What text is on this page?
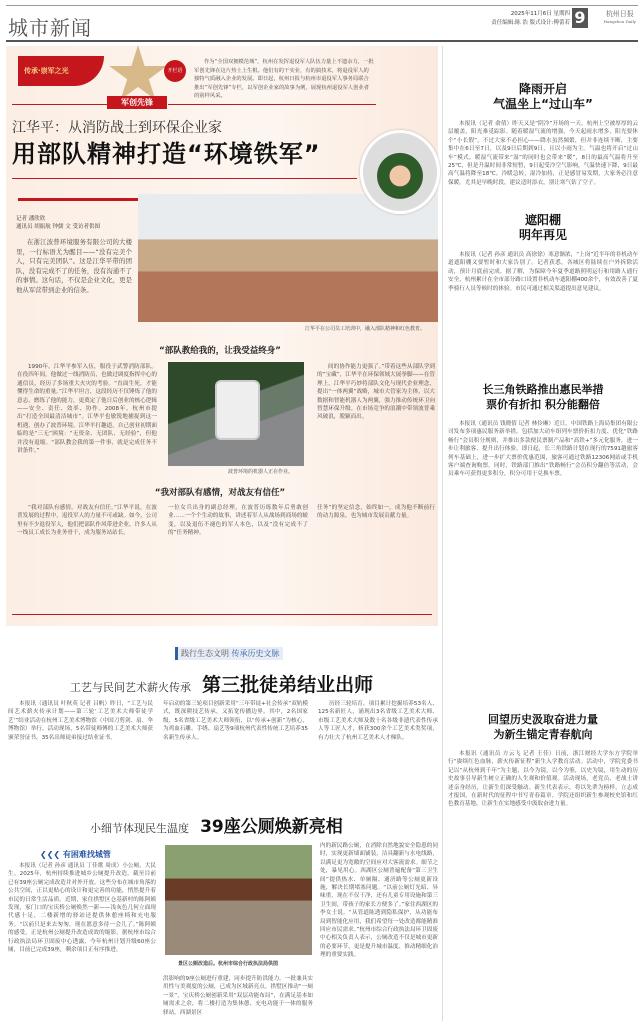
城市新闻
2025年11月6日 星期四
责任编辑:陈 浩 版式设计:傅蕾若 9	杭州日报
Hangzhou Daily
传承·崇军之光
军创先锋
开栏语
作为“全国双拥模范城”，杭州在发挥退役军人队伍力量上不遗余力，一批军创先锋在这片热土上生根。他们有的干实业，有的搞技术，将退役军人的独特气质融入企业的发展。即日起，杭州日报与杭州市退役军人事务局联合推出“军创先锋”专栏，以军创企业家的故事为例，展现杭州退役军人创业者的别样风采。
江华平：从消防战士到环保企业家
用部队精神打造“环境铁军”
记者 潘欣欣
通讯员 胡振航 钟儒 文 受访者供图
在浙江波普环境服务有限公司的大楼里，一行标语尤为醒目——“没有完美个人，只有完美团队”。这是江华平带的团队，没有完成不了的任务，没有沟通不了的事情。这句话，不仅是企业文化，更是他从军营带到企业的信条。
江华平在公司员工培训中，融入部队精神和红色教育。
“部队教给我的，让我受益终身”
1990年，江华平参军入伍，服役于武警消防部队。在役四年间，他做过一线消防员，也做过调度指挥中心的通信员，经历了多场重大火灾的考验。“直面生死，才能懂得生命的重量。”江华平坦言，这段经历不仅锤炼了他的意志，磨练了他的能力，更奠定了他日后创业的核心逻辑——安全、责任、效率、协作。2008年，杭州市提出“打造全国最清洁城市”。江华平也敏锐地捕捉到这一机遇，创办了波普环境。江华平打趣道，自己创业初期面临的是“三无”困境：“无资金、无团队、无经验”，但他并没有退缩。“部队教会我的第一件事，就是完成任务不讲条件。”
波普环境的机器人正在作业。
间的协作能力更强了。”带着这些从部队学到的“宝藏”，江华平在环保领域大展拳脚——在管理上，江华平巧妙将部队文化与现代企业理念，提出“一体两翼”战略，城市大管家为主体，以大数据和智能机器人为两翼，强力推动传统环卫向智慧环保升级。在市场竞争的浪潮中带领波普乘风破浪，脱颖而出。
“我对部队有感情，对战友有信任”
“我对部队有感情，对战友有信任。”江华平说，在波普发展的过程中，退役军人的力量不可或缺。如今，公司里有不少退役军人，他们把部队作风带进企业，许多人从一线员工成长为业务骨干，成为服务站站长。
一位女兵出身的副总经理，在波普历练数年后勇敢创业……一个个生动的故事，讲述着军人从战场到商场的蜕变，以及退伍不褪色的军人本色，以及“没有完成不了的”任务精神。
任务”的坚定信念，始终如一，成为他不断前行的动力源泉。也为城市发展贡献力量。
践行生态文明 传承历史文脉
工艺与民间艺术薪火传承 第三批徒弟结业出师
本报讯（通讯员 叶秋英 记者 吕帆）昨日，“工艺与民间艺术薪火传承计划——第三轮‘工艺美术大师带徒学艺’”结业活动在杭州工艺美术博物馆（中国刀剪剑、扇、伞博物馆）举行。活动现场，5名带徒师傅的工艺美术大师获颁荣誉证书，35名出师徒弟接过结业证书。
年启动的第三轮项目创新采用“三年带徒+社会传承”双轨模式，既深耕技艺传承，又拓宽传播边界。其中，2名国家级、5名省级工艺美术大师领衔，以“传承+创新”为核心，为鸡血石雕、手绣、扇艺等9项杭州代表性传统工艺培养35名新生传承人。
历经三轮培育，项目累计挖掘培养53名人、125名新匠人，涌现出3名省级工艺美术大师、市级工艺美术大师及数十名各级非遗代表性传承人等工匠人才，斩获300余个工艺美术类奖项，有力壮大了杭州工艺美术人才梯队。
小细节体现民生温度 39座公厕焕新亮相
❮❮❮ 有困难找城管
本报讯（记者 孙彦 通讯员 丁佳歌 周成）小公厕，大民生。2025年，杭州持续推进城乡公厕提升改造，截至目前已有39座公厕完成改造并对外开放。这些分布在城市角落的公共空间，正以更贴心的设计和更完善的功能，悄然提升着市民的日常生活品质。近期，家住拱墅区仓基新村的陈阿姨发现，家门口的宝庆桥公厕焕然一新——浅灰色几何立面现代感十足，二楼新增的驿站还提供休憩座椅和充电服务。“以前只是来去匆匆，现在愿意多待一会儿了。”陈阿姨的感受，正是杭州公厕提升改造成效的缩影。据杭州市综合行政执法局环卫固废中心透露，今年杭州计划升级60座公厕，目前已完成39座，剩余项目正有序推进。
景区公厕改造后。杭州市综合行政执法局供图
洪影响的9座公厕进行重建，同步提升防洪能力。一批兼具实用性与美观度的公厕，已成为区域新亮点。拱墅区推动“一厕一景”，宝庆桥公厕创新采用“双层功能布局”，在满足基本如厕需求之余，将二楼打造为集休憩、充电功能于一体的服务驿站。西湖景区
内的新民路公厕，在消除自然地貌安全隐患的同时，实现更新墙面铺装，洁具翻新与水电线路，以满足更为宽敞的空间应对大客流需求。细节之处，暴见用心。西湖区公厕普遍配备“第三卫生间”提供热水、单厕隔、通济路等公厕更新设施，解决长期堵塞问题。“以前公厕灯光暗、异味重，现在不仅干净，还有儿童专用设施和第三卫生间，带孩子的家长方便多了。”家住西湖区的李女士说。“从管道陈透到隐私保护，从功能布局到智能化应用，我们希望每一处改造都能精准回应市民需求。”杭州市综合行政执法局环卫固废中心相关负责人表示，公厕改造不仅是城市更新的必要环节，更是提升城市温度、推动精细化治理的重要实践。
降雨开启
气温坐上“过山车”
本报讯（记者 俞倩）昨天又是“阴冷”开场的一天。杭州上空被厚厚的云层覆盖，阳光难觅踪影。随着暖湿气流的增强，今天起雨水增多，阳光要休个“小长假”。不过大家不必担心——降水虽然频繁，但并非连续不断，主要集中在6日至7日，以及9日后期到9日，且以小雨为主。气温也将开启“过山车”模式。暖湿气流带来“湿”的同时也会带来“暖”，8日的最高气温将升至25℃，但是升温时间非常短暂，9日起受冷空气影响，气温快速下降，9日最高气温将降至18℃。冷暖急转，湿冷加持，正是感冒易发期，大家务必注意保暖。尤其是早晚时段，建议适时添衣，别让寒气钻了空子。
遮阳棚
明年再见
本报讯（记者 孙彦 通讯员 高徐徐）寒意渐浓，“上岗”近半年的非机动车道遮阳棚又要暂时和大家告别了。记者获悉，各城区将陆续在户外拆除活动，预计月底前完成。据了解，为保障今年夏季道路照明运行和用路人通行安全，杭州累计在全市部分路口设置非机动车遮阳棚400余个，有效改善了夏季骑行人员等候时的体验。市民可通过相关渠道提出意见建议。
长三角铁路推出惠民举措
票价有折扣 积分能翻倍
本报讯（通讯员 钱晓倩 记者 林伶琳）近日，中国铁路上海局集团有限公司发布多项惠民服务新举措，包括加大动车组列车票价折扣力度、优化“铁路畅行”会员积分规则，并推出多款便民票制产品和“高铁+”多元化服务，进一步让利旅客、提升出行体验。即日起，长三角铁路计划在现行的7591趟旅客列车基础上，进一步扩大票价优惠范围，旅客可通过铁路12306网站或手机客户端查询购票。同时，铁路部门推出“铁路畅行”会员积分翻倍等活动，会员乘车可获得更多积分，积分可用于兑换车票。
回望历史汲取奋进力量
为新生锚定青春航向
本报讯（通讯员 方云飞 记者 王佳）日前，浙江财经大学东方学院举行“赓续红色血脉，薪火传新征程”新生入学教育活动。活动中，学院党委书记以“从杭州到千年”为主题，以今为镜，以今为鉴，以史为镜，用生动的历史故事引导新生树立正确的人生观和价值观。活动现场，老党员、老战士讲述亲身经历，让新生们深受触动。新生代表表示，将以先辈为榜样，立志成才报国，在新时代的征程中书写青春篇章。学院还组织新生参观校史馆和红色教育基地，让新生在实地感受中汲取奋进力量。
